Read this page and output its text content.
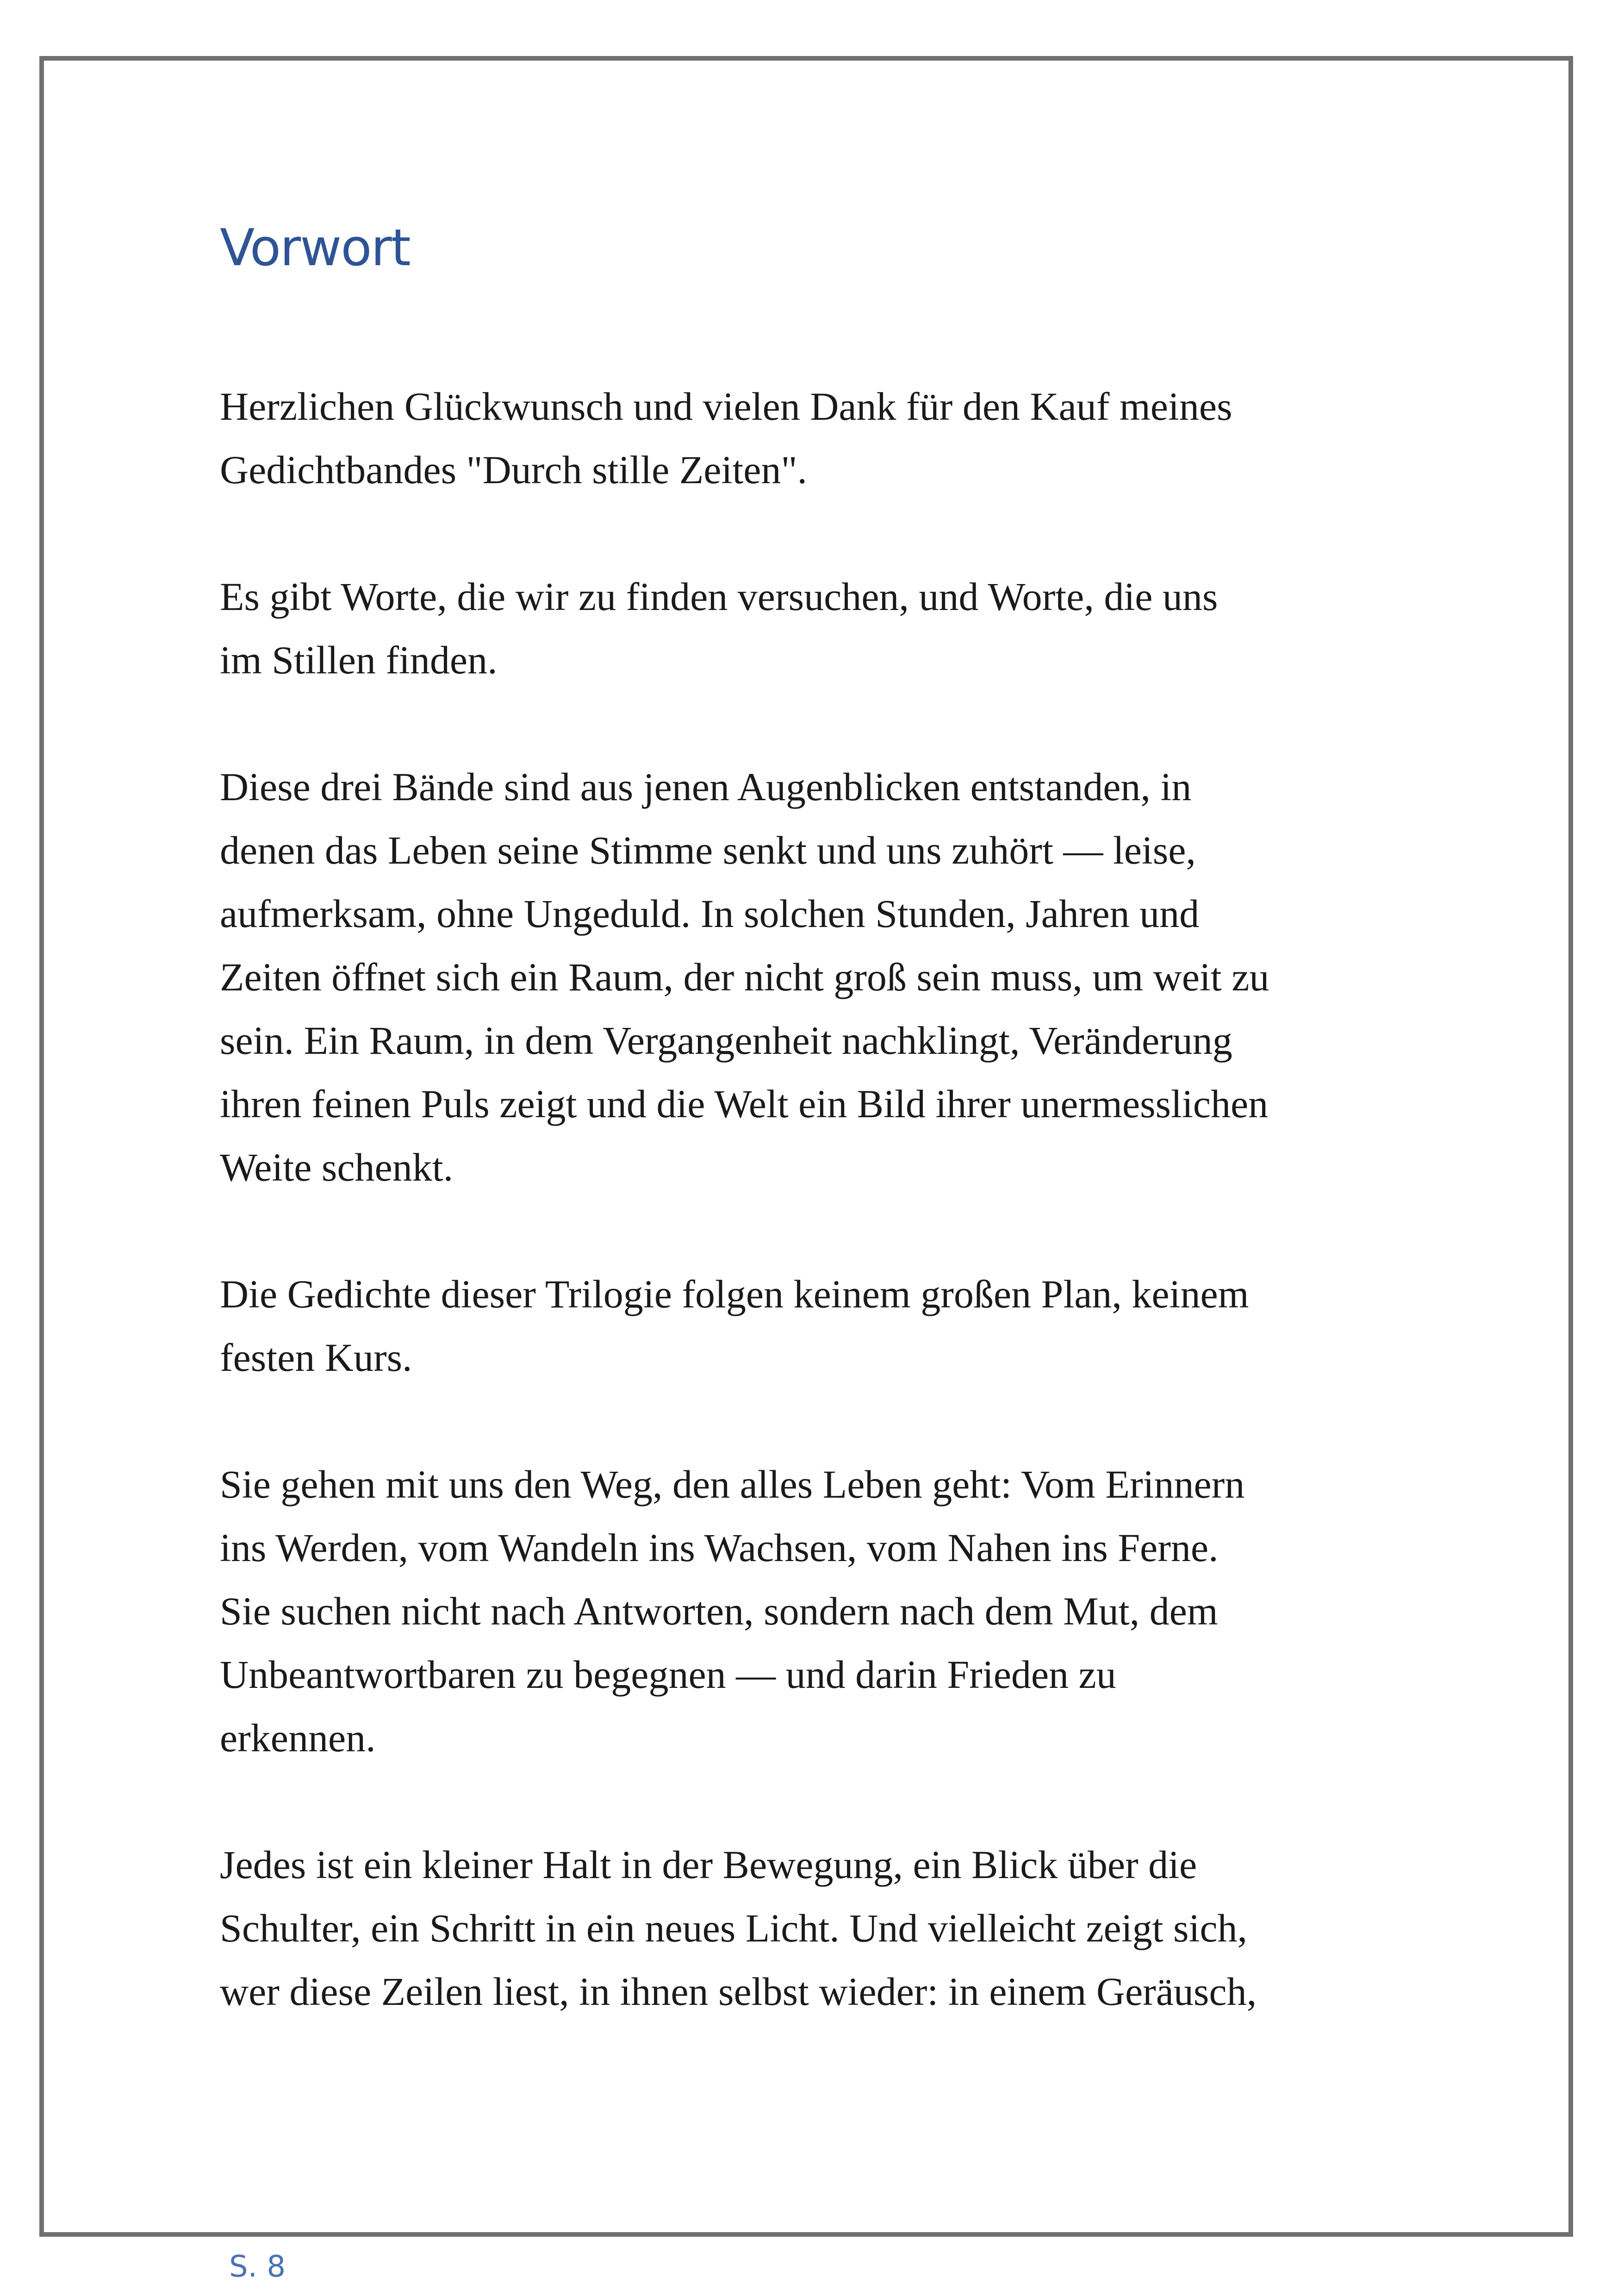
Vorwort

Herzlichen Glückwunsch und vielen Dank für den Kauf meines
Gedichtbandes "Durch stille Zeiten".

Es gibt Worte, die wir zu finden versuchen, und Worte, die uns
im Stillen finden.

Diese drei Bände sind aus jenen Augenblicken entstanden, in
denen das Leben seine Stimme senkt und uns zuhört — leise,
aufmerksam, ohne Ungeduld. In solchen Stunden, Jahren und
Zeiten öffnet sich ein Raum, der nicht groß sein muss, um weit zu
sein. Ein Raum, in dem Vergangenheit nachklingt, Veränderung
ihren feinen Puls zeigt und die Welt ein Bild ihrer unermesslichen
Weite schenkt.

Die Gedichte dieser Trilogie folgen keinem großen Plan, keinem
festen Kurs.

Sie gehen mit uns den Weg, den alles Leben geht: Vom Erinnern
ins Werden, vom Wandeln ins Wachsen, vom Nahen ins Ferne.
Sie suchen nicht nach Antworten, sondern nach dem Mut, dem
Unbeantwortbaren zu begegnen — und darin Frieden zu
erkennen.

Jedes ist ein kleiner Halt in der Bewegung, ein Blick über die
Schulter, ein Schritt in ein neues Licht. Und vielleicht zeigt sich,
wer diese Zeilen liest, in ihnen selbst wieder: in einem Geräusch,

S. 8
